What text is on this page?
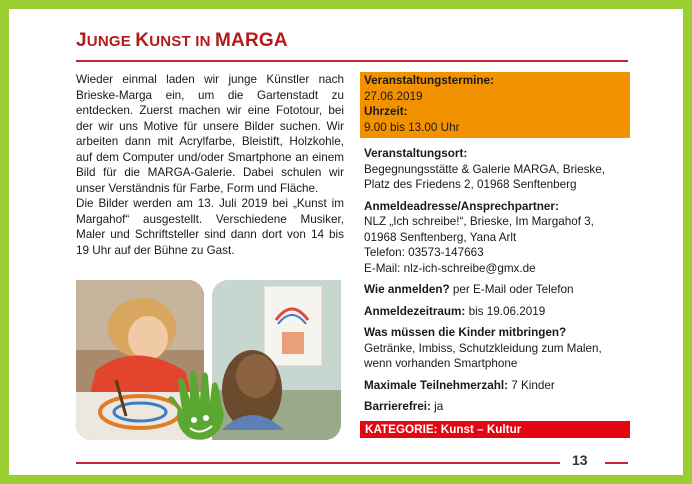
JUNGE KUNST IN MARGA

Wieder einmal laden wir junge Künstler nach Brieske-Marga ein, um die Gartenstadt zu entdecken. Zuerst machen wir eine Fototour, bei der wir uns Motive für unsere Bilder suchen. Wir arbeiten dann mit Acrylfarbe, Bleistift, Holzkohle, auf dem Computer und/oder Smartphone an einem Bild für die MARGA-Galerie. Dabei schulen wir unser Verständnis für Farbe, Form und Fläche.

Die Bilder werden am 13. Juli 2019 bei „Kunst im Margahof“ ausgestellt. Verschiedene Musiker, Maler und Schriftsteller sind dann dort von 14 bis 19 Uhr auf der Bühne zu Gast.

Veranstaltungstermine:
27.06.2019
Uhrzeit:
9.00 bis 13.00 Uhr
Veranstaltungsort:
Begegnungsstätte & Galerie MARGA, Brieske,
Platz des Friedens 2, 01968 Senftenberg
Anmeldeadresse/Ansprechpartner:
NLZ „Ich schreibe!“, Brieske, Im Margahof 3,
01968 Senftenberg, Yana Arlt
Telefon: 03573-147663
E-Mail: nlz-ich-schreibe@gmx.de
Wie anmelden? per E-Mail oder Telefon
Anmeldezeitraum: bis 19.06.2019
Was müssen die Kinder mitbringen?
Getränke, Imbiss, Schutzkleidung zum Malen,
wenn vorhanden Smartphone
Maximale Teilnehmerzahl: 7 Kinder
Barrierefrei: ja
KATEGORIE: Kunst – Kultur
13
